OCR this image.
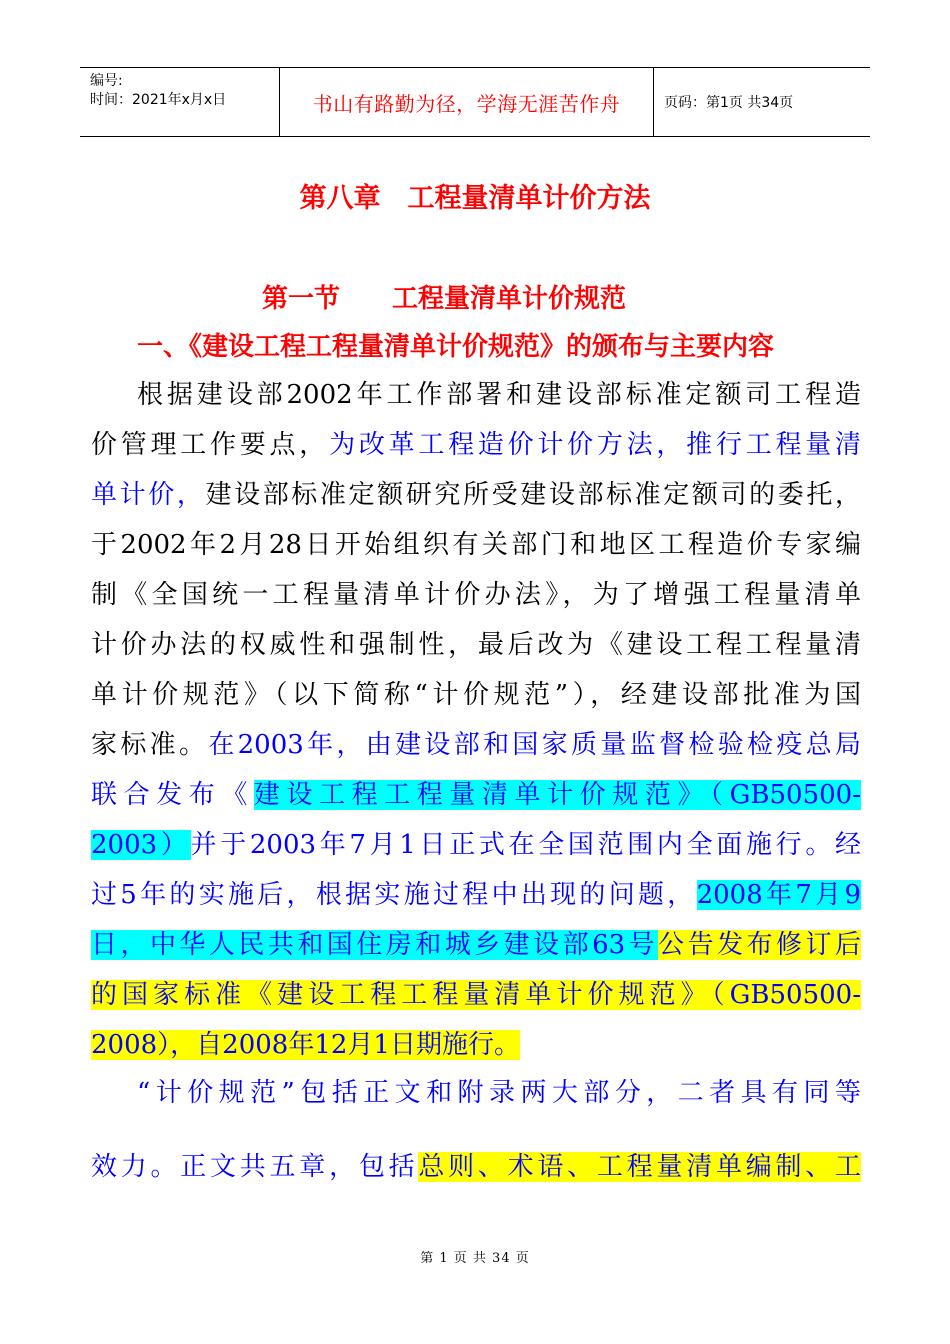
编号:
时间：2021年x月x日	书山有路勤为径，学海无涯苦作舟	页码：第1页 共34页
第八章　工程量清单计价方法
第一节　　工程量清单计价规范
一、《建设工程工程量清单计价规范》的颁布与主要内容
根据建设部2002年工作部署和建设部标准定额司工程造
价管理工作要点，为改革工程造价计价方法，推行工程量清
单计价，建设部标准定额研究所受建设部标准定额司的委托，
于2002年2月28日开始组织有关部门和地区工程造价专家编
制《全国统一工程量清单计价办法》，为了增强工程量清单
计价办法的权威性和强制性，最后改为《建设工程工程量清
单计价规范》（以下简称“计价规范”），经建设部批准为国
家标准。在2003年，由建设部和国家质量监督检验检疫总局
联合发布《建设工程工程量清单计价规范》（GB50500-
2003）并于2003年7月1日正式在全国范围内全面施行。经
过5年的实施后，根据实施过程中出现的问题，2008年7月9
日，中华人民共和国住房和城乡建设部63号公告发布修订后
的国家标准《建设工程工程量清单计价规范》（GB50500-
2008），自2008年12月1日期施行。
“计价规范”包括正文和附录两大部分，二者具有同等
效力。正文共五章，包括总则、术语、工程量清单编制、工
第 1 页 共 34 页
